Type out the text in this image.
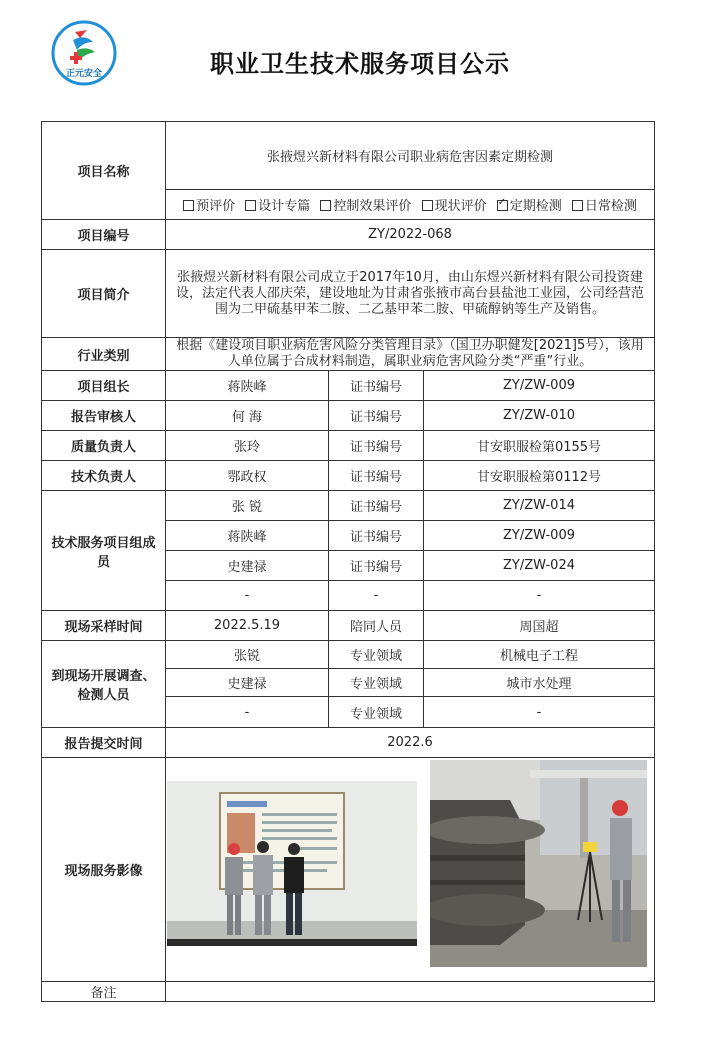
正元安全	职业卫生技术服务项目公示
项目名称	张掖煜兴新材料有限公司职业病危害因素定期检测		
	预评价 设计专篇 控制效果评价 现状评价 ✓ 定期检测 日常检测
项目编号	ZY/2022-068		
项目简介	张掖煜兴新材料有限公司成立于2017年10月，由山东煜兴新材料有限公司投资建设，法定代表人邵庆荣，建设地址为甘肃省张掖市高台县盐池工业园，公司经营范围为二甲硫基甲苯二胺、二乙基甲苯二胺、甲硫醇钠等生产及销售。		
行业类别	根据《建设项目职业病危害风险分类管理目录》（国卫办职健发[2021]5号），该用人单位属于合成材料制造，属职业病危害风险分类“严重”行业。		
项目组长	蒋陕峰	证书编号	ZY/ZW-009
报告审核人	何 海	证书编号	ZY/ZW-010
质量负责人	张玲	证书编号	甘安职服检第0155号
技术负责人	鄂政权	证书编号	甘安职服检第0112号
技术服务项目组成员	张 锐	证书编号	ZY/ZW-014
	蒋陕峰	证书编号	ZY/ZW-009
	史建禄	证书编号	ZY/ZW-024
	-	-	-
现场采样时间	2022.5.19	陪同人员	周国超
到现场开展调查、检测人员	张锐	专业领域	机械电子工程
	史建禄	专业领域	城市水处理
	-	专业领域	-
报告提交时间	2022.6		
现场服务影像			
备注			
